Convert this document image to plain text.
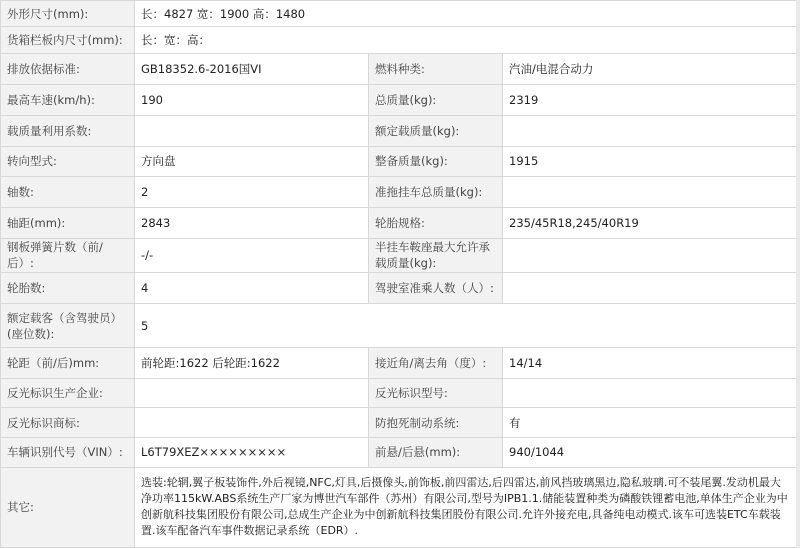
外形尺寸(mm):	长：4827 宽：1900 高：1480		
货箱栏板内尺寸(mm):	长：宽：高：		
排放依据标准:	GB18352.6-2016国VI	燃料种类:	汽油/电混合动力
最高车速(km/h):	190	总质量(kg):	2319
载质量利用系数:		额定载质量(kg):	
转向型式:	方向盘	整备质量(kg):	1915
轴数:	2	准拖挂车总质量(kg):	
轴距(mm):	2843	轮胎规格:	235/45R18,245/40R19
钢板弹簧片数（前/后）:	-/-	半挂车鞍座最大允许承载质量(kg):	
轮胎数:	4	驾驶室准乘人数（人）:	
额定载客（含驾驶员）(座位数):	5		
轮距（前/后)mm:	前轮距:1622 后轮距:1622	接近角/离去角（度）:	14/14
反光标识生产企业:		反光标识型号:	
反光标识商标:		防抱死制动系统:	有
车辆识别代号（VIN）:	L6T79XEZ×××××××××	前悬/后悬(mm):	940/1044
其它:	选装:轮辋,翼子板装饰件,外后视镜,NFC,灯具,后摄像头,前饰板,前四雷达,后四雷达,前风挡玻璃黑边,隐私玻璃.可不装尾翼.发动机最大净功率115kW.ABS系统生产厂家为博世汽车部件（苏州）有限公司,型号为IPB1.1.储能装置种类为磷酸铁锂蓄电池,单体生产企业为中创新航科技集团股份有限公司,总成生产企业为中创新航科技集团股份有限公司.允许外接充电,具备纯电动模式.该车可选装ETC车载装置.该车配备汽车事件数据记录系统（EDR）.		
